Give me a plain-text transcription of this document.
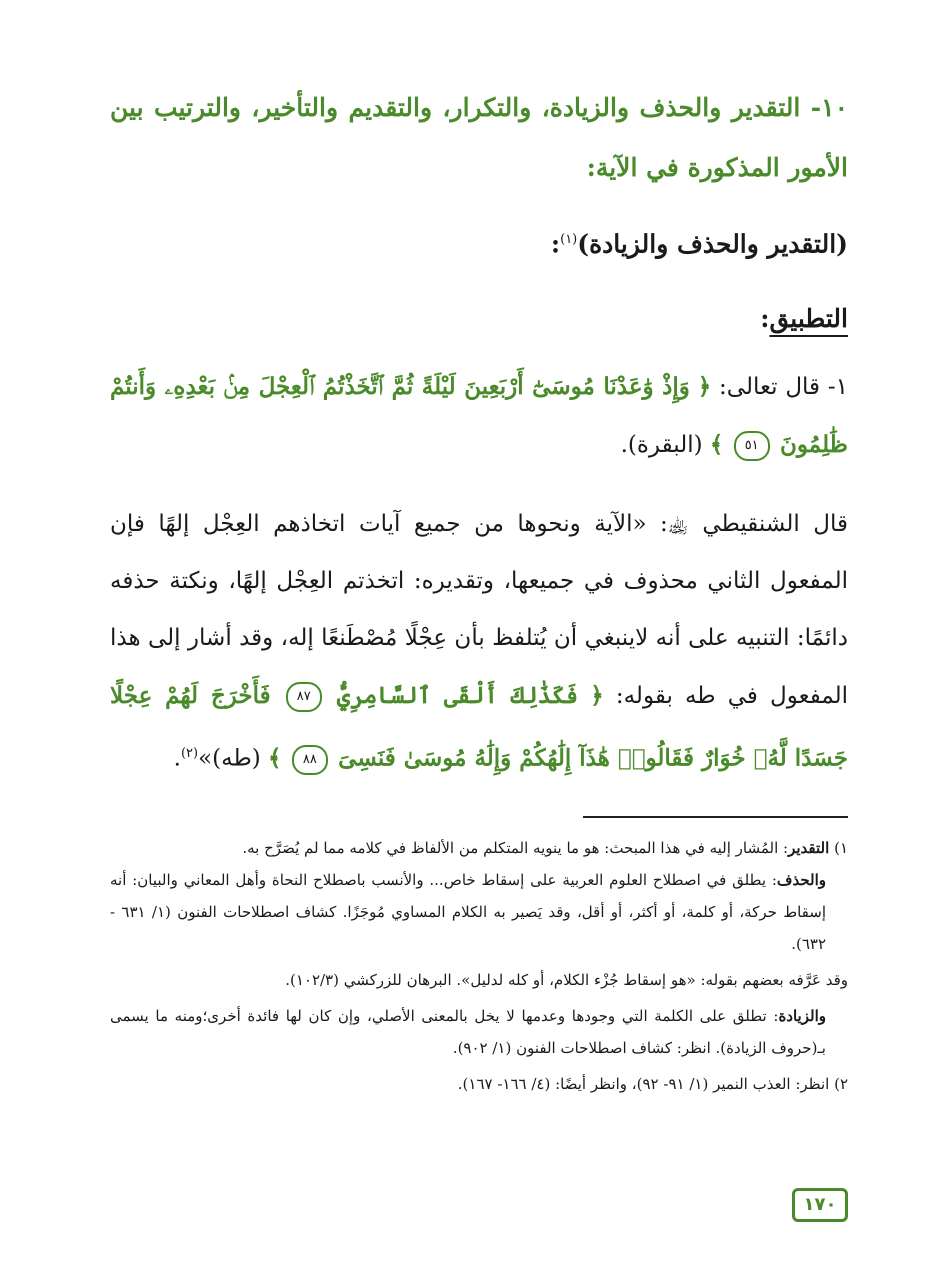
١٠- التقدير والحذف والزيادة، والتكرار، والتقديم والتأخير، والترتيب بين الأمور المذكورة في الآية:

(التقدير والحذف والزيادة)$^{(١)}$:

التطبيق:

١- قال تعالى: ﴿ وَإِذْ وَٰعَدْنَا مُوسَىٰٓ أَرْبَعِينَ لَيْلَةً ثُمَّ ٱتَّخَذْتُمُ ٱلْعِجْلَ مِنۢ بَعْدِهِۦ وَأَنتُمْ ظَٰلِمُونَ ٥١ ﴾ (البقرة).

قال الشنقيطي ﵀: «الآية ونحوها من جميع آيات اتخاذهم العِجْل إلهًا فإن المفعول الثاني محذوف في جميعها، وتقديره: اتخذتم العِجْل إلهًا، ونكتة حذفه دائمًا: التنبيه على أنه لاينبغي أن يُتلفظ بأن عِجْلًا مُصْطَنعًا إله، وقد أشار إلى هذا المفعول في طه بقوله: ﴿ فَكَذَٰلِكَ أَلْقَى ٱلسَّامِرِيُّ ٨٧ فَأَخْرَجَ لَهُمْ عِجْلًا جَسَدًا لَّهُۥ خُوَارٌ فَقَالُوا۟ هَٰذَآ إِلَٰهُكُمْ وَإِلَٰهُ مُوسَىٰ فَنَسِىَ ٨٨ ﴾ (طه)»$^{(٢)}$.

١) التقدير: المُشار إليه في هذا المبحث: هو ما ينويه المتكلم من الألفاظ في كلامه مما لم يُصَرَّح به.

والحذف: يطلق في اصطلاح العلوم العربية على إسقاط خاص... والأنسب باصطلاح النحاة وأهل المعاني والبيان: أنه إسقاط حركة، أو كلمة، أو أكثر، أو أقل، وقد يَصير به الكلام المساوي مُوجَزًا. كشاف اصطلاحات الفنون (١/ ٦٣١ - ٦٣٢).

وقد عَرَّفه بعضهم بقوله: «هو إسقاط جُزْء الكلام، أو كله لدليل». البرهان للزركشي (١٠٢/٣).

والزيادة: تطلق على الكلمة التي وجودها وعدمها لا يخل بالمعنى الأصلي، وإن كان لها فائدة أخرى؛ومنه ما يسمى بـ(حروف الزيادة). انظر: كشاف اصطلاحات الفنون (١/ ٩٠٢).

٢) انظر: العذب النمير (١/ ٩١- ٩٢)، وانظر أيضًا: (٤/ ١٦٦- ١٦٧).

١٧٠
